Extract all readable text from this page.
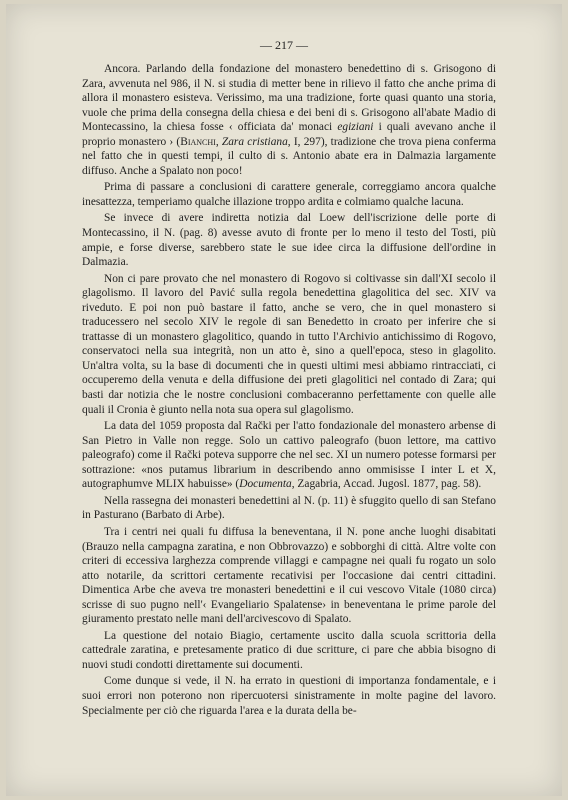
— 217 —

Ancora. Parlando della fondazione del monastero benedettino di s. Grisogono di Zara, avvenuta nel 986, il N. si studia di metter bene in rilievo il fatto che anche prima di allora il monastero esisteva. Verissimo, ma una tradizione, forte quasi quanto una storia, vuole che prima della consegna della chiesa e dei beni di s. Grisogono all'abate Madio di Montecassino, la chiesa fosse ‹ officiata da' monaci egiziani i quali avevano anche il proprio monastero › (Bianchi, Zara cristiana, I, 297), tradizione che trova piena conferma nel fatto che in questi tempi, il culto di s. Antonio abate era in Dalmazia largamente diffuso. Anche a Spalato non poco!

Prima di passare a conclusioni di carattere generale, correggiamo ancora qualche inesattezza, temperiamo qualche illazione troppo ardita e colmiamo qualche lacuna.

Se invece di avere indiretta notizia dal Loew dell'iscrizione delle porte di Montecassino, il N. (pag. 8) avesse avuto di fronte per lo meno il testo del Tosti, più ampie, e forse diverse, sarebbero state le sue idee circa la diffusione dell'ordine in Dalmazia.

Non ci pare provato che nel monastero di Rogovo si coltivasse sin dall'XI secolo il glagolismo. Il lavoro del Pavić sulla regola benedettina glagolitica del sec. XIV va riveduto. E poi non può bastare il fatto, anche se vero, che in quel monastero si traducessero nel secolo XIV le regole di san Benedetto in croato per inferire che si trattasse di un monastero glagolitico, quando in tutto l'Archivio antichissimo di Rogovo, conservatoci nella sua integrità, non un atto è, sino a quell'epoca, steso in glagolito. Un'altra volta, su la base di documenti che in questi ultimi mesi abbiamo rintracciati, ci occuperemo della venuta e della diffusione dei preti glagolitici nel contado di Zara; qui basti dar notizia che le nostre conclusioni combaceranno perfettamente con quelle alle quali il Cronia è giunto nella nota sua opera sul glagolismo.

La data del 1059 proposta dal Rački per l'atto fondazionale del monastero arbense di San Pietro in Valle non regge. Solo un cattivo paleografo (buon lettore, ma cattivo paleografo) come il Rački poteva supporre che nel sec. XI un numero potesse formarsi per sottrazione: «nos putamus librarium in describendo anno ommisisse I inter L et X, autographumve MLIX habuisse» (Documenta, Zagabria, Accad. Jugosl. 1877, pag. 58).

Nella rassegna dei monasteri benedettini al N. (p. 11) è sfuggito quello di san Stefano in Pasturano (Barbato di Arbe).

Tra i centri nei quali fu diffusa la beneventana, il N. pone anche luoghi disabitati (Brauzo nella campagna zaratina, e non Obbrovazzo) e sobborghi di città. Altre volte con criteri di eccessiva larghezza comprende villaggi e campagne nei quali fu rogato un solo atto notarile, da scrittori certamente recativisi per l'occasione dai centri cittadini. Dimentica Arbe che aveva tre monasteri benedettini e il cui vescovo Vitale (1080 circa) scrisse di suo pugno nell'‹ Evangeliario Spalatense› in beneventana le prime parole del giuramento prestato nelle mani dell'arcivescovo di Spalato.

La questione del notaio Biagio, certamente uscito dalla scuola scrittoria della cattedrale zaratina, e pretesamente pratico di due scritture, ci pare che abbia bisogno di nuovi studi condotti direttamente sui documenti.

Come dunque si vede, il N. ha errato in questioni di importanza fondamentale, e i suoi errori non poterono non ripercuotersi sinistramente in molte pagine del lavoro. Specialmente per ciò che riguarda l'area e la durata della be-
